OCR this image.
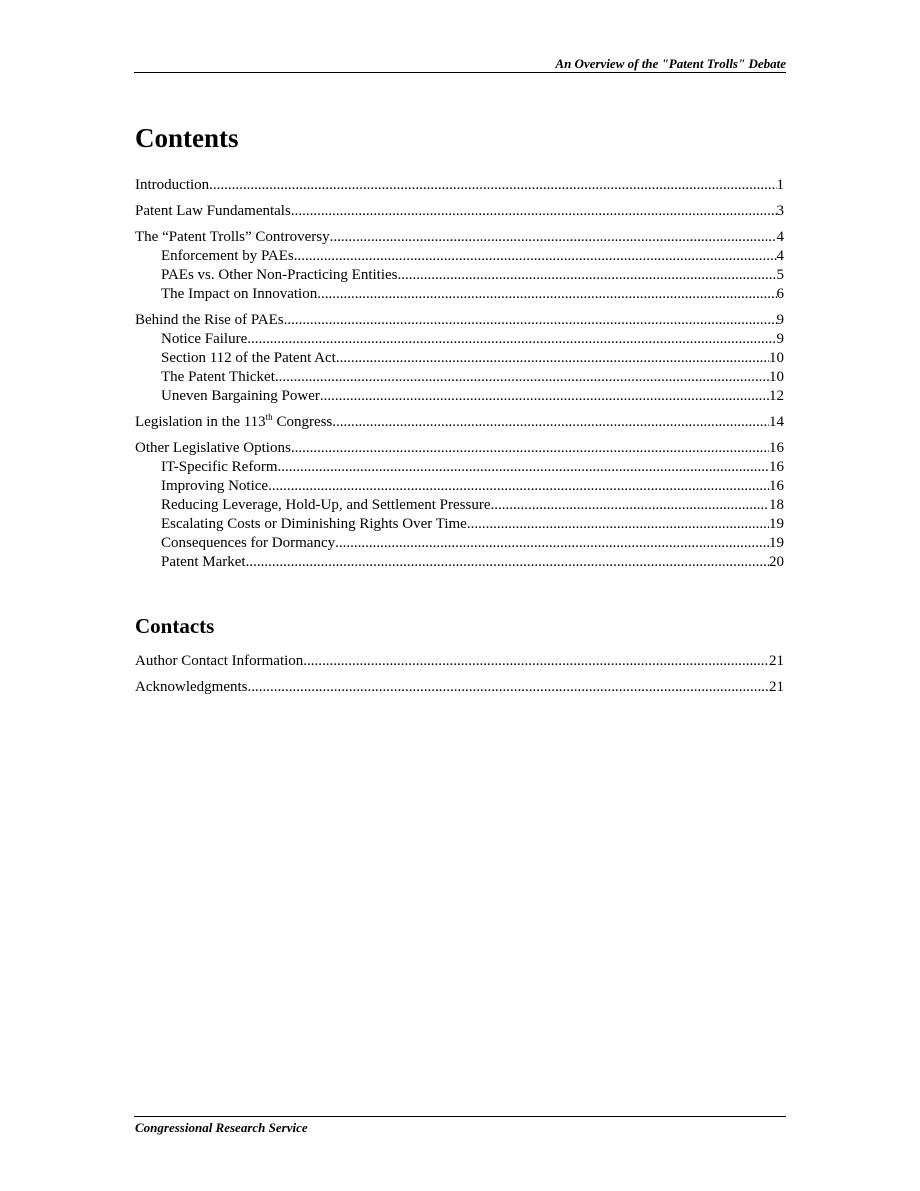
An Overview of the "Patent Trolls" Debate
Contents
Introduction .....	1
Patent Law Fundamentals .....	3
The “Patent Trolls” Controversy .....	4
Enforcement by PAEs .....	4
PAEs vs. Other Non-Practicing Entities .....	5
The Impact on Innovation .....	6
Behind the Rise of PAEs .....	9
Notice Failure .....	9
Section 112 of the Patent Act .....	10
The Patent Thicket .....	10
Uneven Bargaining Power .....	12
Legislation in the 113th Congress .....	14
Other Legislative Options .....	16
IT-Specific Reform .....	16
Improving Notice .....	16
Reducing Leverage, Hold-Up, and Settlement Pressure .....	18
Escalating Costs or Diminishing Rights Over Time .....	19
Consequences for Dormancy .....	19
Patent Market .....	20
Contacts
Author Contact Information .....	21
Acknowledgments .....	21
Congressional Research Service
